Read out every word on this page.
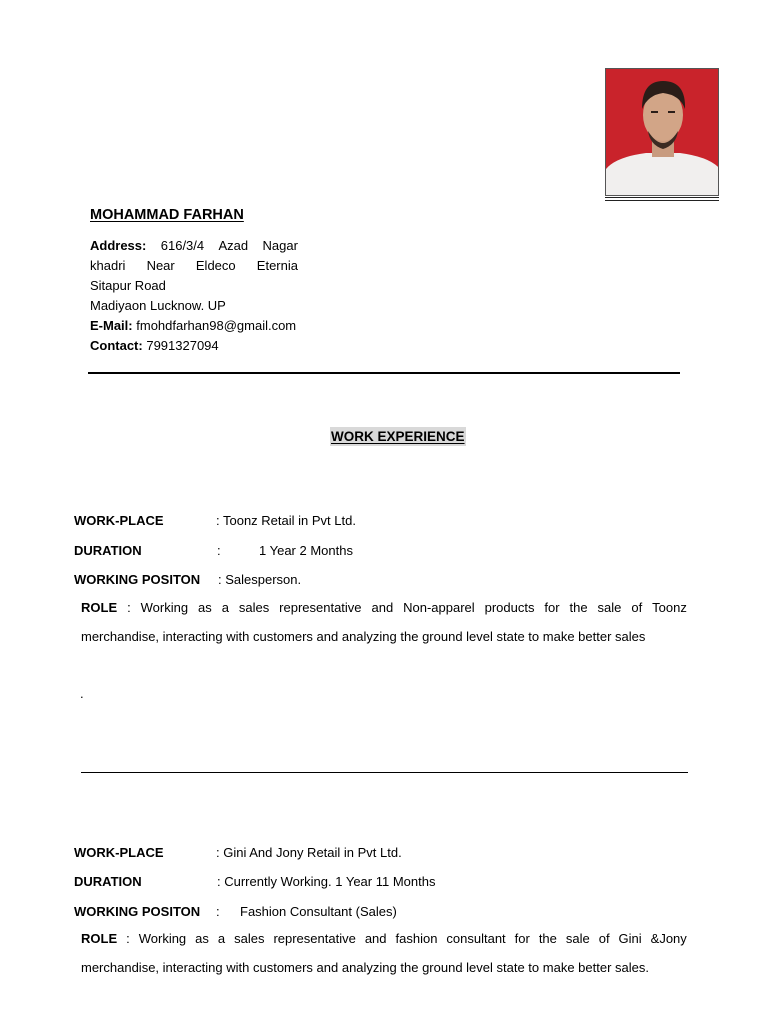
MOHAMMAD FARHAN
Address: 616/3/4 Azad Nagar
khadri Near Eldeco Eternia
Sitapur Road
Madiyaon Lucknow. UP
E-Mail:
fmohdfarhan98@gmail.com
Contact:
7991327094
WORK EXPERIENCE
WORK-PLACE	: Toonz Retail in Pvt Ltd.
DURATION	:	1 Year 2 Months
WORKING POSITON : Salesperson.
ROLE : Working as a sales representative and Non-apparel products for the sale of Toonz
merchandise, interacting with customers and analyzing the ground level state to make better sales
.
WORK-PLACE	: Gini And Jony Retail in Pvt Ltd.
DURATION	: Currently Working. 1 Year 11 Months
WORKING POSITON : Fashion Consultant (Sales)
ROLE : Working as a sales representative and fashion consultant for the sale of Gini &Jony
merchandise, interacting with customers and analyzing the ground level state to make better sales.
